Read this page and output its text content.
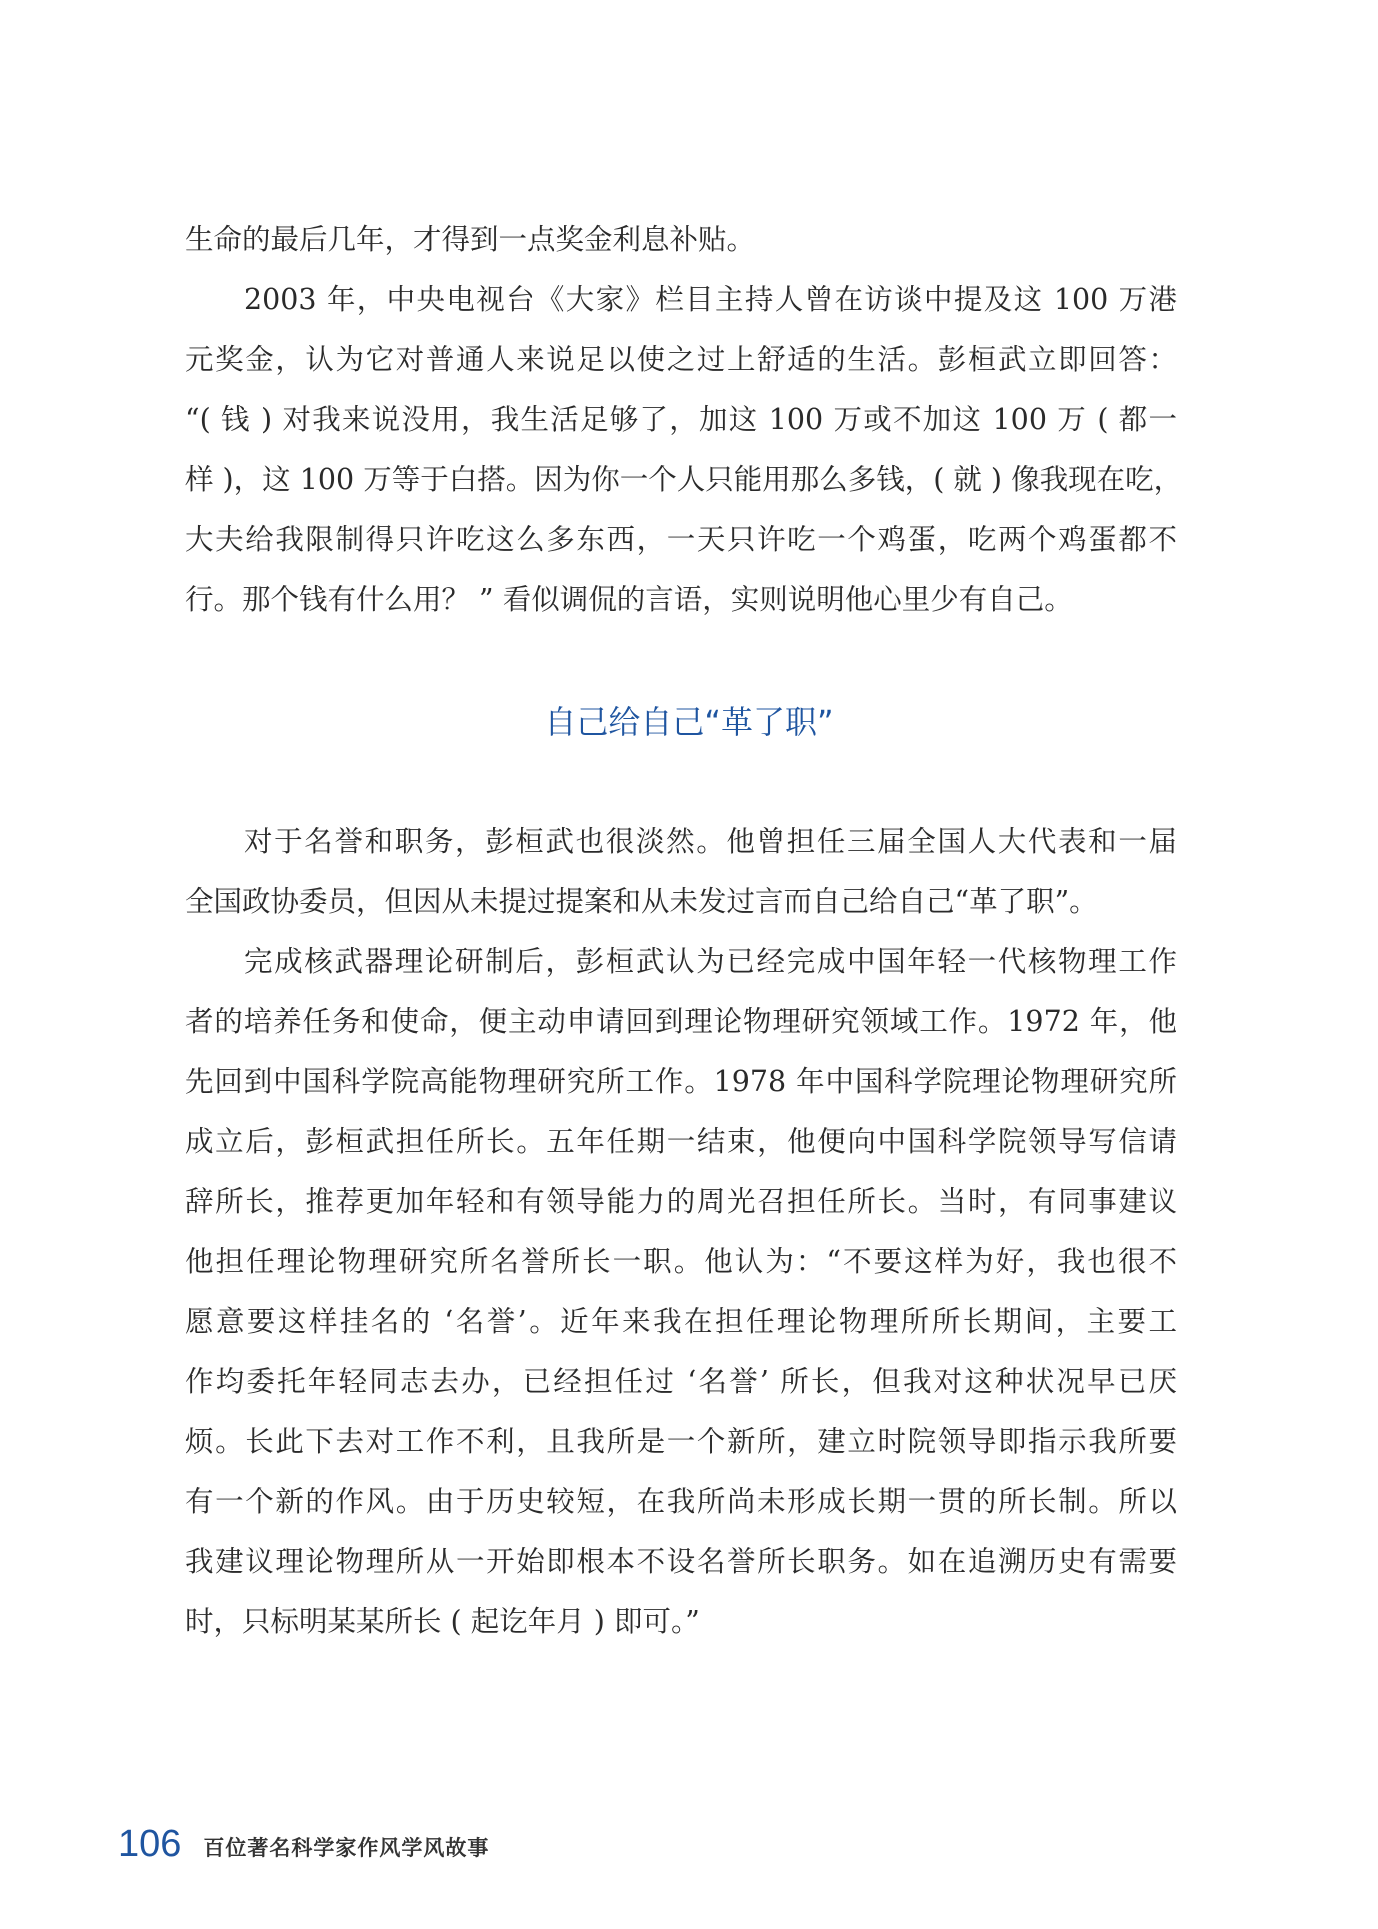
生命的最后几年，才得到一点奖金利息补贴。
2003 年，中央电视台《大家》栏目主持人曾在访谈中提及这 100 万港
元奖金，认为它对普通人来说足以使之过上舒适的生活。彭桓武立即回答：
“( 钱 ) 对我来说没用，我生活足够了，加这 100 万或不加这 100 万 ( 都一
样 )，这 100 万等于白搭。因为你一个人只能用那么多钱，( 就 ) 像我现在吃，
大夫给我限制得只许吃这么多东西，一天只许吃一个鸡蛋，吃两个鸡蛋都不
行。那个钱有什么用？ ” 看似调侃的言语，实则说明他心里少有自己。
自己给自己“革了职”
对于名誉和职务，彭桓武也很淡然。他曾担任三届全国人大代表和一届
全国政协委员，但因从未提过提案和从未发过言而自己给自己“革了职”。
完成核武器理论研制后，彭桓武认为已经完成中国年轻一代核物理工作
者的培养任务和使命，便主动申请回到理论物理研究领域工作。1972 年，他
先回到中国科学院高能物理研究所工作。1978 年中国科学院理论物理研究所
成立后，彭桓武担任所长。五年任期一结束，他便向中国科学院领导写信请
辞所长，推荐更加年轻和有领导能力的周光召担任所长。当时，有同事建议
他担任理论物理研究所名誉所长一职。他认为：“不要这样为好，我也很不
愿意要这样挂名的 ‘名誉’。近年来我在担任理论物理所所长期间，主要工
作均委托年轻同志去办，已经担任过 ‘名誉’ 所长，但我对这种状况早已厌
烦。长此下去对工作不利，且我所是一个新所，建立时院领导即指示我所要
有一个新的作风。由于历史较短，在我所尚未形成长期一贯的所长制。所以
我建议理论物理所从一开始即根本不设名誉所长职务。如在追溯历史有需要
时，只标明某某所长 ( 起讫年月 ) 即可。”
106 百位著名科学家作风学风故事
